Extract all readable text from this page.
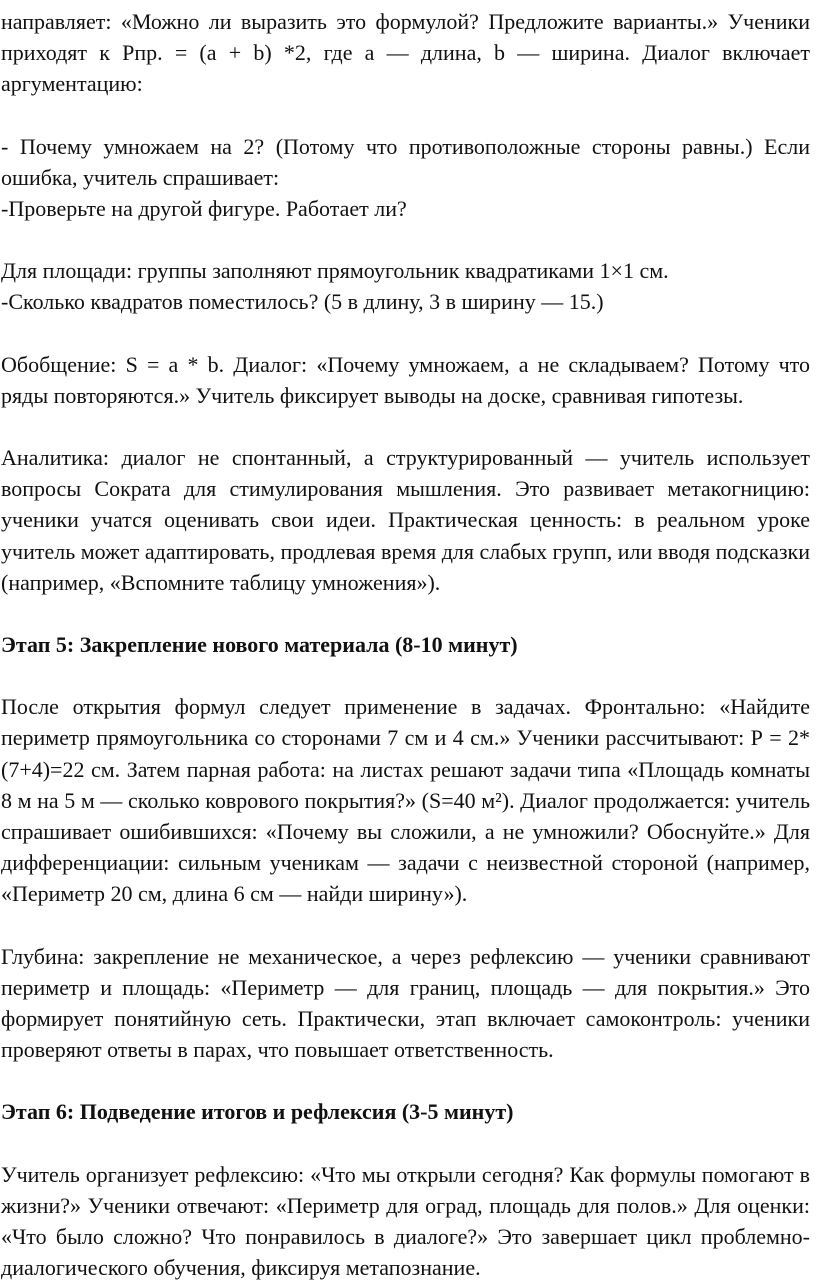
направляет: «Можно ли выразить это формулой? Предложите варианты.» Ученики приходят к Рпр. = (a + b) *2, где a — длина, b — ширина. Диалог включает аргументацию:

- Почему умножаем на 2? (Потому что противоположные стороны равны.) Если ошибка, учитель спрашивает:

-Проверьте на другой фигуре. Работает ли?

Для площади: группы заполняют прямоугольник квадратиками 1×1 см.

-Сколько квадратов поместилось? (5 в длину, 3 в ширину — 15.)

Обобщение: S = a * b. Диалог: «Почему умножаем, а не складываем? Потому что ряды повторяются.» Учитель фиксирует выводы на доске, сравнивая гипотезы.

Аналитика: диалог не спонтанный, а структурированный — учитель использует вопросы Сократа для стимулирования мышления. Это развивает метакогницию: ученики учатся оценивать свои идеи. Практическая ценность: в реальном уроке учитель может адаптировать, продлевая время для слабых групп, или вводя подсказки (например, «Вспомните таблицу умножения»).

Этап 5: Закрепление нового материала (8-10 минут)

После открытия формул следует применение в задачах. Фронтально: «Найдите периметр прямоугольника со сторонами 7 см и 4 см.» Ученики рассчитывают: Р = 2*(7+4)=22 см. Затем парная работа: на листах решают задачи типа «Площадь комнаты 8 м на 5 м — сколько коврового покрытия?» (S=40 м²). Диалог продолжается: учитель спрашивает ошибившихся: «Почему вы сложили, а не умножили? Обоснуйте.» Для дифференциации: сильным ученикам — задачи с неизвестной стороной (например, «Периметр 20 см, длина 6 см — найди ширину»).

Глубина: закрепление не механическое, а через рефлексию — ученики сравнивают периметр и площадь: «Периметр — для границ, площадь — для покрытия.» Это формирует понятийную сеть. Практически, этап включает самоконтроль: ученики проверяют ответы в парах, что повышает ответственность.

Этап 6: Подведение итогов и рефлексия (3-5 минут)

Учитель организует рефлексию: «Что мы открыли сегодня? Как формулы помогают в жизни?» Ученики отвечают: «Периметр для оград, площадь для полов.» Для оценки: «Что было сложно? Что понравилось в диалоге?» Это завершает цикл проблемно-диалогического обучения, фиксируя метапознание.
